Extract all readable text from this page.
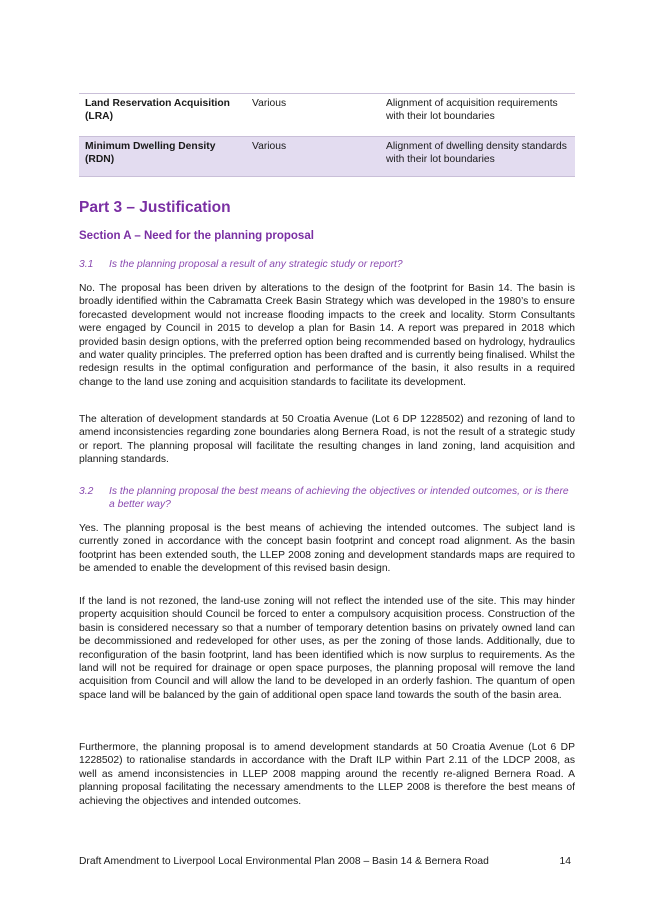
Land Reservation Acquisition (LRA)	Various	Alignment of acquisition requirements with their lot boundaries
Minimum Dwelling Density (RDN)	Various	Alignment of dwelling density standards with their lot boundaries
Part 3 – Justification
Section A – Need for the planning proposal
3.1 Is the planning proposal a result of any strategic study or report?

No. The proposal has been driven by alterations to the design of the footprint for Basin 14. The basin is broadly identified within the Cabramatta Creek Basin Strategy which was developed in the 1980’s to ensure forecasted development would not increase flooding impacts to the creek and locality. Storm Consultants were engaged by Council in 2015 to develop a plan for Basin 14. A report was prepared in 2018 which provided basin design options, with the preferred option being recommended based on hydrology, hydraulics and water quality principles. The preferred option has been drafted and is currently being finalised. Whilst the redesign results in the optimal configuration and performance of the basin, it also results in a required change to the land use zoning and acquisition standards to facilitate its development.

The alteration of development standards at 50 Croatia Avenue (Lot 6 DP 1228502) and rezoning of land to amend inconsistencies regarding zone boundaries along Bernera Road, is not the result of a strategic study or report. The planning proposal will facilitate the resulting changes in land zoning, land acquisition and planning standards.

3.2 Is the planning proposal the best means of achieving the objectives or intended outcomes, or is there a better way?

Yes. The planning proposal is the best means of achieving the intended outcomes. The subject land is currently zoned in accordance with the concept basin footprint and concept road alignment. As the basin footprint has been extended south, the LLEP 2008 zoning and development standards maps are required to be amended to enable the development of this revised basin design.

If the land is not rezoned, the land-use zoning will not reflect the intended use of the site. This may hinder property acquisition should Council be forced to enter a compulsory acquisition process. Construction of the basin is considered necessary so that a number of temporary detention basins on privately owned land can be decommissioned and redeveloped for other uses, as per the zoning of those lands. Additionally, due to reconfiguration of the basin footprint, land has been identified which is now surplus to requirements. As the land will not be required for drainage or open space purposes, the planning proposal will remove the land acquisition from Council and will allow the land to be developed in an orderly fashion. The quantum of open space land will be balanced by the gain of additional open space land towards the south of the basin area.

Furthermore, the planning proposal is to amend development standards at 50 Croatia Avenue (Lot 6 DP 1228502) to rationalise standards in accordance with the Draft ILP within Part 2.11 of the LDCP 2008, as well as amend inconsistencies in LLEP 2008 mapping around the recently re-aligned Bernera Road. A planning proposal facilitating the necessary amendments to the LLEP 2008 is therefore the best means of achieving the objectives and intended outcomes.

Draft Amendment to Liverpool Local Environmental Plan 2008 – Basin 14 & Bernera Road	14
